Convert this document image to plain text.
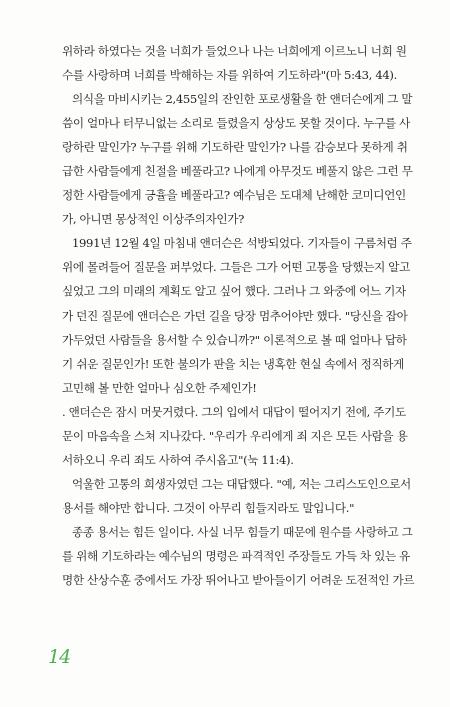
위하라 하였다는 것을 너희가 들었으나 나는 너희에게 이르노니 너희 원
수를 사랑하며 너희를 박해하는 자를 위하여 기도하라"(마 5:43, 44).
의식을 마비시키는 2,455일의 잔인한 포로생활을 한 앤더슨에게 그 말
씀이 얼마나 터무니없는 소리로 들렸을지 상상도 못할 것이다. 누구를 사
랑하란 말인가? 누구를 위해 기도하란 말인가? 나를 감승보다 못하게 취
급한 사람들에게 친절을 베풀라고? 나에게 아무것도 베풀지 않은 그런 무
정한 사람들에게 긍휼을 베풀라고? 예수님은 도대체 난해한 코미디언인
가, 아니면 몽상적인 이상주의자인가?
1991년 12월 4일 마침내 앤더슨은 석방되었다. 기자들이 구름처럼 주
위에 몰려들어 질문을 퍼부었다. 그들은 그가 어떤 고통을 당했는지 알고
싶었고 그의 미래의 계획도 알고 싶어 했다. 그러나 그 와중에 어느 기자
가 던진 질문에 앤더슨은 가던 길을 당장 멈추어야만 했다. "당신을 잡아
가두었던 사람들을 용서할 수 있습니까?" 이론적으로 볼 때 얼마나 답하
기 쉬운 질문인가! 또한 불의가 판을 치는 냉혹한 현실 속에서 정직하게
고민해 볼 만한 얼마나 심오한 주제인가!
. 앤더슨은 잠시 머뭇거렸다. 그의 입에서 대답이 떨어지기 전에, 주기도
문이 마음속을 스쳐 지나갔다. "우리가 우리에게 죄 지은 모든 사람을 용
서하오니 우리 죄도 사하여 주시옵고"(눅 11:4).
억울한 고통의 희생자였던 그는 대답했다. "예, 저는 그리스도인으로서
용서를 해야만 합니다. 그것이 아무리 힘들지라도 말입니다."
종종 용서는 힘든 일이다. 사실 너무 힘들기 때문에 원수를 사랑하고 그
를 위해 기도하라는 예수님의 명령은 파격적인 주장들도 가득 차 있는 유
명한 산상수훈 중에서도 가장 뛰어나고 받아들이기 어려운 도전적인 가르
14
